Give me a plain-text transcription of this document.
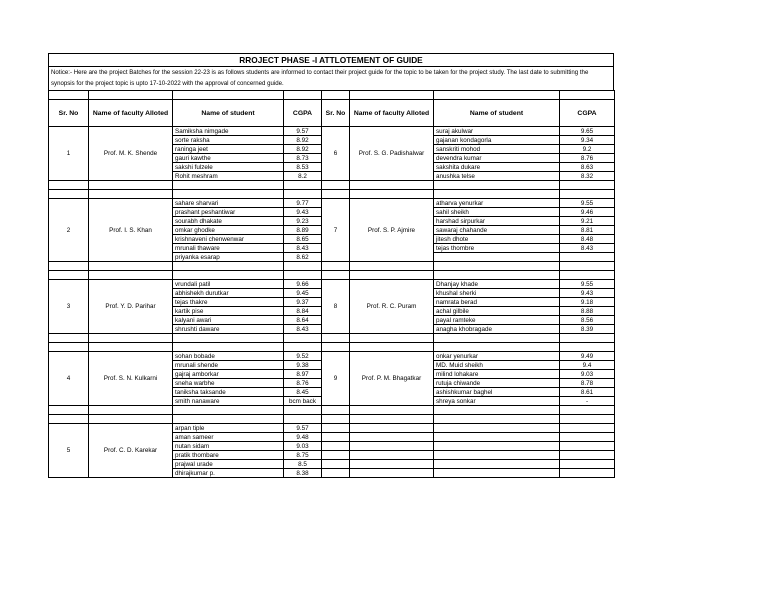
RROJECT PHASE -I ATTLOTEMENT OF GUIDE
Notice:- Here are the project Batches for the session 22-23 is as follows students are informed to contact their project guide for the topic to be taken for the project study. The last date to submitting the synopsis for the project topic is upto 17-10-2022 with the approval of concerned guide.

Sr. No	Name of faculty Alloted	Name of student	CGPA	Sr. No	Name of faculty Alloted	Name of student	CGPA
1	Prof. M. K. Shende	Samiksha nimgade	9.57	6	Prof. S. G. Padishalwar	suraj akulwar	9.65
		sorte raksha	8.92			gajanan kondagorla	9.34
		raninga jeet	8.92			sanskriti mohod	9.2
		gauri kawthe	8.73			devendra kumar	8.76
		sakshi fulzele	8.53			sakshita dukare	8.63
		Rohit meshram	8.2			anushka telse	8.32

2	Prof. I. S. Khan	sahare sharvari	9.77	7	Prof. S. P. Ajmire	atharva yenurkar	9.55
		prashant peshantiwar	9.43			sahil sheikh	9.46
		sourabh dhakate	9.23			harshad sirpurkar	9.21
		omkar ghodke	8.89			sawaraj chahande	8.81
		krishnaveni chenwenwar	8.65			jitesh dhote	8.48
		mrunali thaware	8.43			tejas thombre	8.43
		priyanka esarap	8.62				

3	Prof. Y. D. Parihar	vrundali patil	9.66	8	Prof. R. C. Puram	Dhanjay khade	9.55
		abhishekh durutkar	9.45			khushal sherki	9.43
		tejas thakre	9.37			namrata berad	9.18
		kartik pise	8.84			achal gilbile	8.88
		kalyani awari	8.64			payal ramteke	8.56
		shrushti daware	8.43			anagha khobragade	8.39

4	Prof. S. N. Kulkarni	sohan bobade	9.52	9	Prof. P. M. Bhagatkar	onkar yenurkar	9.49
		mrunali shende	9.38			MD. Muid sheikh	9.4
		gajraj amborkar	8.97			milind lohakare	9.03
		sneha warbhe	8.76			rutuja chiwande	8.78
		taniksha taksande	8.45			ashishkumar baghel	8.61
		smith nanaware	bcm back			shreya sonkar	-

5	Prof. C. D. Karekar	arpan tiple	9.57				
		aman sameer	9.48				
		nutan sidam	9.03				
		pratik thombare	8.75				
		prajwal urade	8.5				
		dhirajkumar p.	8.38				
